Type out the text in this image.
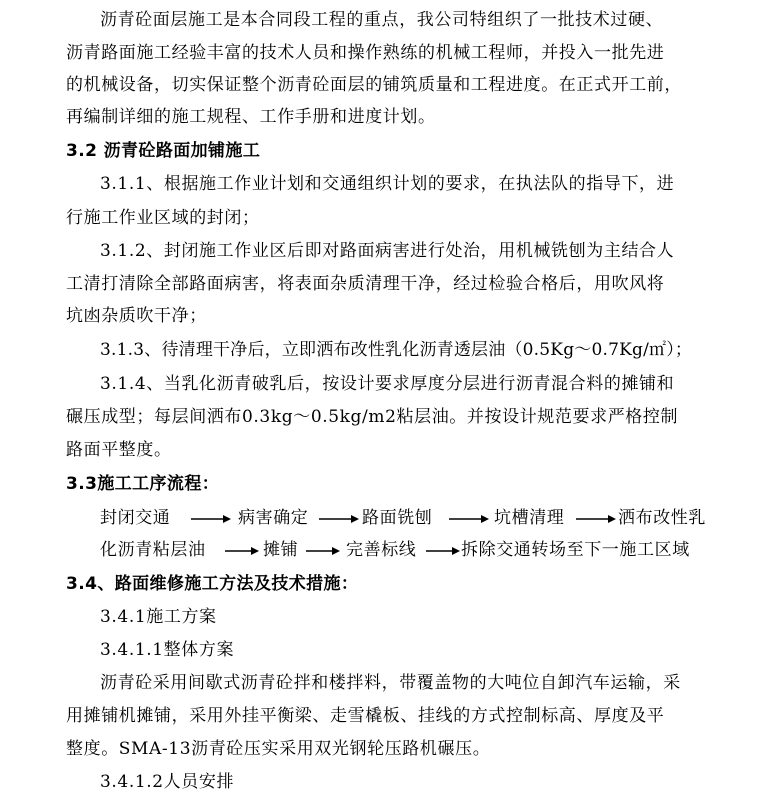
沥青砼面层施工是本合同段工程的重点，我公司特组织了一批技术过硬、
沥青路面施工经验丰富的技术人员和操作熟练的机械工程师，并投入一批先进
的机械设备，切实保证整个沥青砼面层的铺筑质量和工程进度。在正式开工前，
再编制详细的施工规程、工作手册和进度计划。
3.2 沥青砼路面加铺施工
3.1.1、根据施工作业计划和交通组织计划的要求，在执法队的指导下，进
行施工作业区域的封闭；
3.1.2、封闭施工作业区后即对路面病害进行处治，用机械铣刨为主结合人
工清打清除全部路面病害，将表面杂质清理干净，经过检验合格后，用吹风将
坑凼杂质吹干净；
3.1.3、待清理干净后，立即洒布改性乳化沥青透层油（0.5Kg～0.7Kg/㎡）；
3.1.4、当乳化沥青破乳后，按设计要求厚度分层进行沥青混合料的摊铺和
碾压成型；每层间洒布0.3kg～0.5kg/m2粘层油。并按设计规范要求严格控制
路面平整度。
3.3施工工序流程：
封闭交通	病害确定	路面铣刨	坑槽清理	洒布改性乳
化沥青粘层油	摊铺	完善标线	拆除交通转场至下一施工区域
3.4、路面维修施工方法及技术措施：
3.4.1施工方案
3.4.1.1整体方案
沥青砼采用间歇式沥青砼拌和楼拌料，带覆盖物的大吨位自卸汽车运输，采
用摊铺机摊铺，采用外挂平衡梁、走雪橇板、挂线的方式控制标高、厚度及平
整度。SMA-13沥青砼压实采用双光钢轮压路机碾压。
3.4.1.2人员安排
